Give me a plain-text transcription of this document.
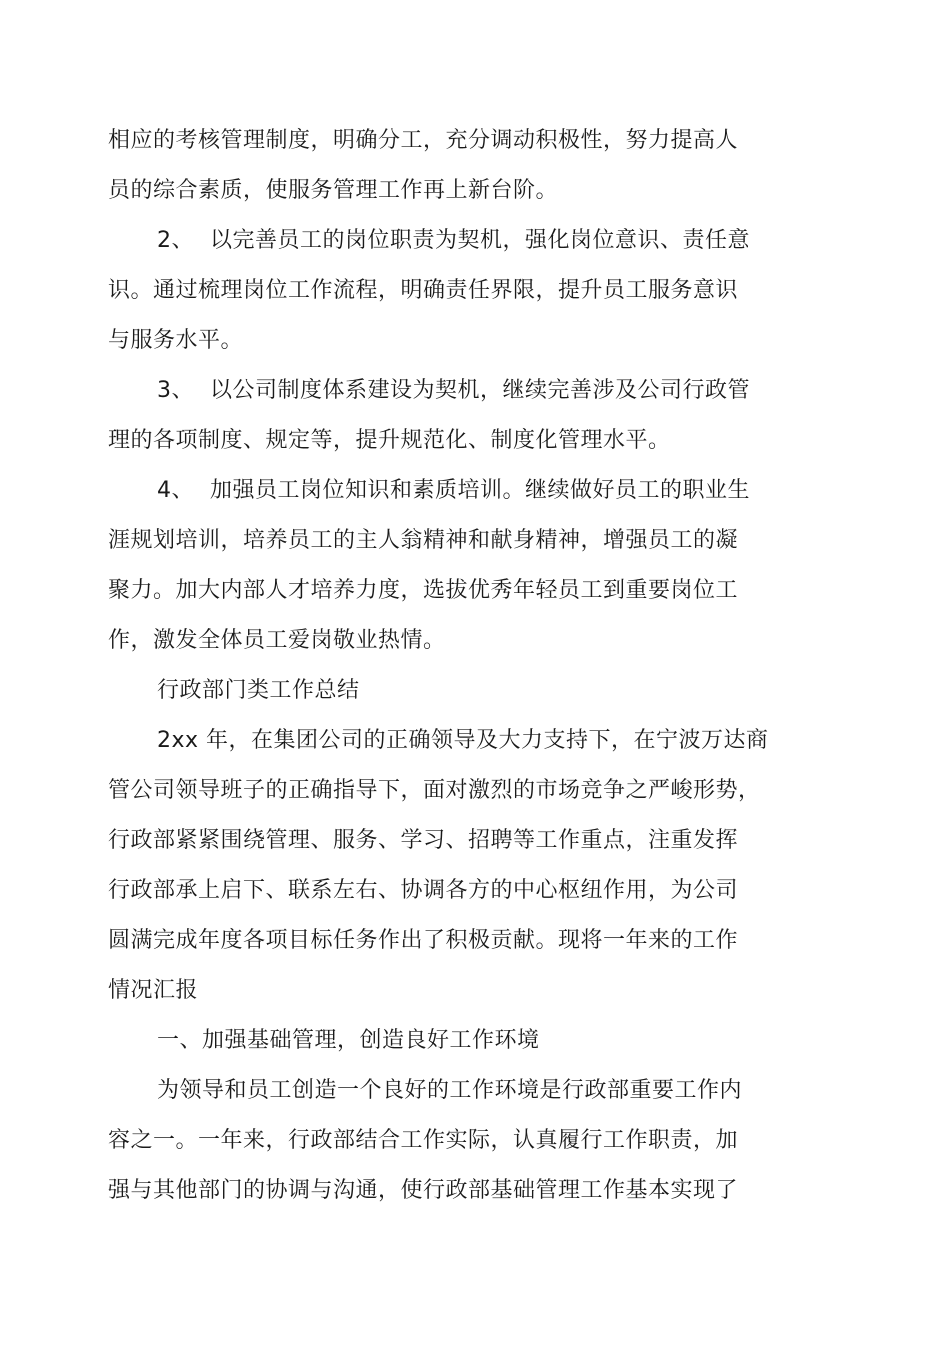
相应的考核管理制度，明确分工，充分调动积极性，努力提高人
员的综合素质，使服务管理工作再上新台阶。
2、 以完善员工的岗位职责为契机，强化岗位意识、责任意
识。通过梳理岗位工作流程，明确责任界限，提升员工服务意识
与服务水平。
3、 以公司制度体系建设为契机，继续完善涉及公司行政管
理的各项制度、规定等，提升规范化、制度化管理水平。
4、 加强员工岗位知识和素质培训。继续做好员工的职业生
涯规划培训，培养员工的主人翁精神和献身精神，增强员工的凝
聚力。加大内部人才培养力度，选拔优秀年轻员工到重要岗位工
作，激发全体员工爱岗敬业热情。
行政部门类工作总结
2xx 年，在集团公司的正确领导及大力支持下，在宁波万达商
管公司领导班子的正确指导下，面对激烈的市场竞争之严峻形势，
行政部紧紧围绕管理、服务、学习、招聘等工作重点，注重发挥
行政部承上启下、联系左右、协调各方的中心枢纽作用，为公司
圆满完成年度各项目标任务作出了积极贡献。现将一年来的工作
情况汇报
一、加强基础管理，创造良好工作环境
为领导和员工创造一个良好的工作环境是行政部重要工作内
容之一。一年来，行政部结合工作实际，认真履行工作职责，加
强与其他部门的协调与沟通，使行政部基础管理工作基本实现了
